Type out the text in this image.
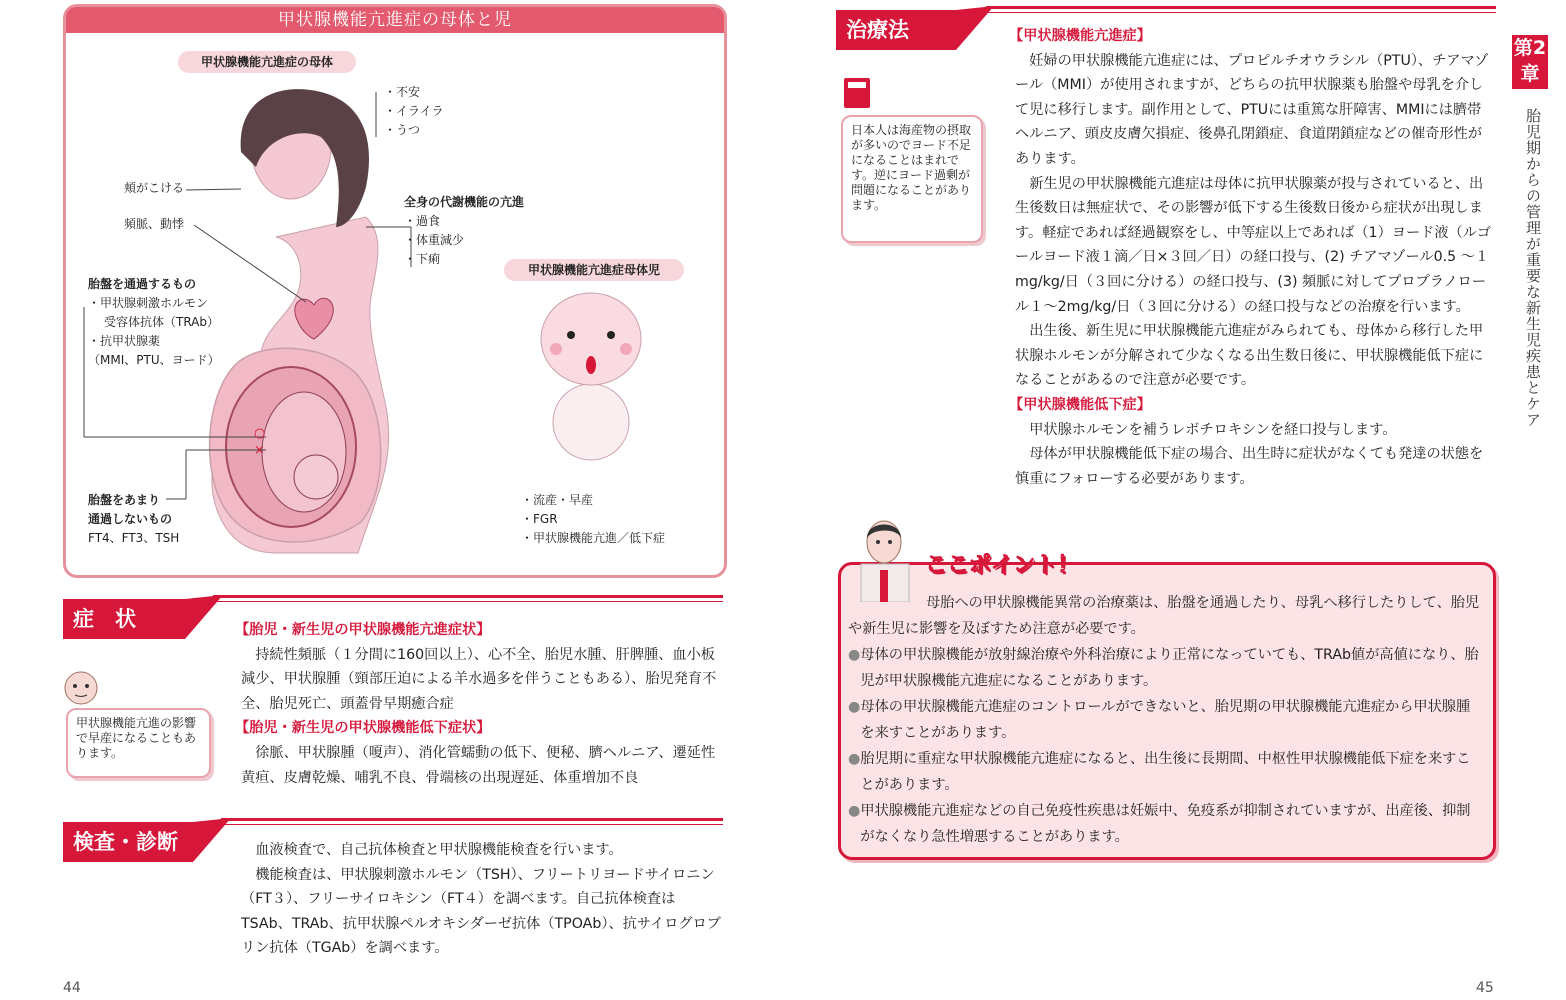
甲状腺機能亢進症の母体と児
甲状腺機能亢進症の母体
○
×
・不安
・イライラ
・うつ
頬がこける
頻脈、動悸
全身の代謝機能の亢進
・過食
・体重減少
・下痢
甲状腺機能亢進症母体児
胎盤を通過するもの
・甲状腺刺激ホルモン
受容体抗体（TRAb）
・抗甲状腺薬
（MMI、PTU、ヨード）
胎盤をあまり
通過しないもの
FT4、FT3、TSH
・流産・早産
・FGR
・甲状腺機能亢進／低下症
症　状
甲状腺機能亢進の影響で早産になることもあります。

【胎児・新生児の甲状腺機能亢進症状】

持続性頻脈（１分間に160回以上）、心不全、胎児水腫、肝脾腫、血小板減少、甲状腺腫（頸部圧迫による羊水過多を伴うこともある）、胎児発育不全、胎児死亡、頭蓋骨早期癒合症

【胎児・新生児の甲状腺機能低下症状】

徐脈、甲状腺腫（嗄声）、消化管蠕動の低下、便秘、臍ヘルニア、遷延性黄疸、皮膚乾燥、哺乳不良、骨端核の出現遅延、体重増加不良

検査・診断	血液検査で、自己抗体検査と甲状腺機能検査を行います。

機能検査は、甲状腺刺激ホルモン（TSH）、フリートリヨードサイロニン（FT３）、フリーサイロキシン（FT４）を調べます。自己抗体検査はTSAb、TRAb、抗甲状腺ペルオキシダーゼ抗体（TPOAb）、抗サイログロブリン抗体（TGAb）を調べます。

44
治療法
日本人は海産物の摂取が多いのでヨード不足になることはまれです。逆にヨード過剰が問題になることがあります。

【甲状腺機能亢進症】

妊婦の甲状腺機能亢進症には、プロピルチオウラシル（PTU）、チアマゾール（MMI）が使用されますが、どちらの抗甲状腺薬も胎盤や母乳を介して児に移行します。副作用として、PTUには重篤な肝障害、MMIには臍帯ヘルニア、頭皮皮膚欠損症、後鼻孔閉鎖症、食道閉鎖症などの催奇形性があります。

新生児の甲状腺機能亢進症は母体に抗甲状腺薬が投与されていると、出生後数日は無症状で、その影響が低下する生後数日後から症状が出現します。軽症であれば経過観察をし、中等症以上であれば（1）ヨード液（ルゴールヨード液１滴／日×３回／日）の経口投与、(2) チアマゾール0.5 ～１mg/kg/日（３回に分ける）の経口投与、(3) 頻脈に対してプロプラノロール１～2mg/kg/日（３回に分ける）の経口投与などの治療を行います。

出生後、新生児に甲状腺機能亢進症がみられても、母体から移行した甲状腺ホルモンが分解されて少なくなる出生数日後に、甲状腺機能低下症になることがあるので注意が必要です。

【甲状腺機能低下症】

甲状腺ホルモンを補うレボチロキシンを経口投与します。

母体が甲状腺機能低下症の場合、出生時に症状がなくても発達の状態を慎重にフォローする必要があります。

ここポイント！

母胎への甲状腺機能異常の治療薬は、胎盤を通過したり、母乳へ移行したりして、胎児や新生児に影響を及ぼすため注意が必要です。

● 母体の甲状腺機能が放射線治療や外科治療により正常になっていても、TRAb値が高値になり、胎児が甲状腺機能亢進症になることがあります。
● 母体の甲状腺機能亢進症のコントロールができないと、胎児期の甲状腺機能亢進症から甲状腺腫を来すことがあります。
● 胎児期に重症な甲状腺機能亢進症になると、出生後に長期間、中枢性甲状腺機能低下症を来すことがあります。
● 甲状腺機能亢進症などの自己免疫性疾患は妊娠中、免疫系が抑制されていますが、出産後、抑制がなくなり急性増悪することがあります。
第2章
胎児期からの管理が重要な新生児疾患とケア
45
